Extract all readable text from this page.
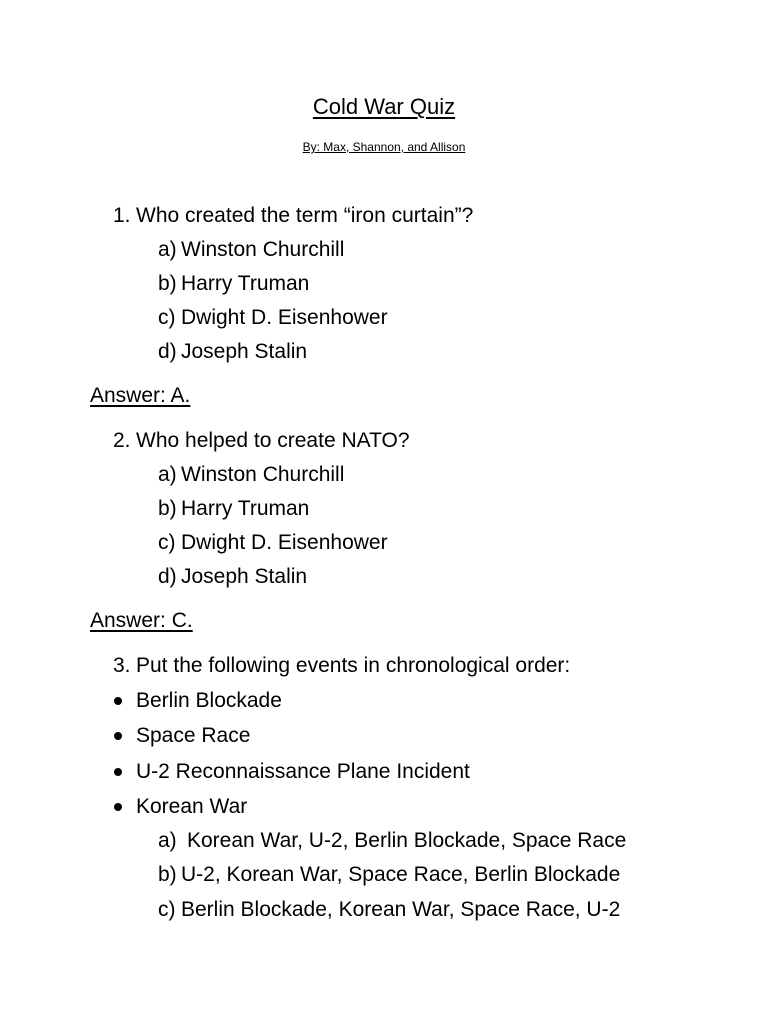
Cold War Quiz
By: Max, Shannon, and Allison
1. Who created the term “iron curtain”?
a) Winston Churchill
b) Harry Truman
c) Dwight D. Eisenhower
d) Joseph Stalin
Answer: A.
2. Who helped to create NATO?
a) Winston Churchill
b) Harry Truman
c) Dwight D. Eisenhower
d) Joseph Stalin
Answer: C.
3. Put the following events in chronological order:
Berlin Blockade
Space Race
U-2 Reconnaissance Plane Incident
Korean War
a) Korean War, U-2, Berlin Blockade, Space Race
b) U-2, Korean War, Space Race, Berlin Blockade
c) Berlin Blockade, Korean War, Space Race, U-2
